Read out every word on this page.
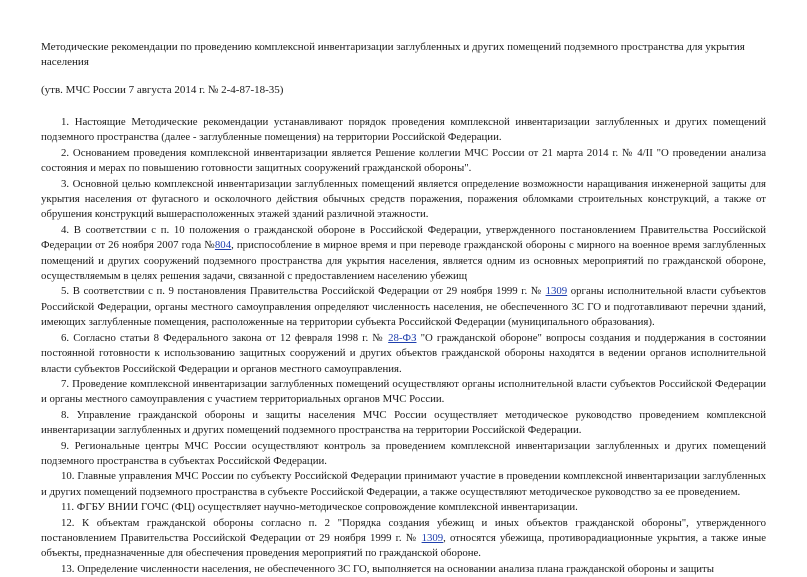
Методические рекомендации по проведению комплексной инвентаризации заглубленных и других помещений подземного пространства для укрытия населения

(утв. МЧС России 7 августа 2014 г. № 2-4-87-18-35)

1. Настоящие Методические рекомендации устанавливают порядок проведения комплексной инвентаризации заглубленных и других помещений подземного пространства (далее - заглубленные помещения) на территории Российской Федерации.

2. Основанием проведения комплексной инвентаризации является Решение коллегии МЧС России от 21 марта 2014 г. № 4/II "О проведении анализа состояния и мерах по повышению готовности защитных сооружений гражданской обороны".

3. Основной целью комплексной инвентаризации заглубленных помещений является определение возможности наращивания инженерной защиты для укрытия населения от фугасного и осколочного действия обычных средств поражения, поражения обломками строительных конструкций, а также от обрушения конструкций вышерасположенных этажей зданий различной этажности.

4. В соответствии с п. 10 положения о гражданской обороне в Российской Федерации, утвержденного постановлением Правительства Российской Федерации от 26 ноября 2007 года №804, приспособление в мирное время и при переводе гражданской обороны с мирного на военное время заглубленных помещений и других сооружений подземного пространства для укрытия населения, является одним из основных мероприятий по гражданской обороне, осуществляемым в целях решения задачи, связанной с предоставлением населению убежищ

5. В соответствии с п. 9 постановления Правительства Российской Федерации от 29 ноября 1999 г. № 1309 органы исполнительной власти субъектов Российской Федерации, органы местного самоуправления определяют численность населения, не обеспеченного ЗС ГО и подготавливают перечни зданий, имеющих заглубленные помещения, расположенные на территории субъекта Российской Федерации (муниципального образования).

6. Согласно статьи 8 Федерального закона от 12 февраля 1998 г. № 28-ФЗ "О гражданской обороне" вопросы создания и поддержания в состоянии постоянной готовности к использованию защитных сооружений и других объектов гражданской обороны находятся в ведении органов исполнительной власти субъектов Российской Федерации и органов местного самоуправления.

7. Проведение комплексной инвентаризации заглубленных помещений осуществляют органы исполнительной власти субъектов Российской Федерации и органы местного самоуправления с участием территориальных органов МЧС России.

8. Управление гражданской обороны и защиты населения МЧС России осуществляет методическое руководство проведением комплексной инвентаризации заглубленных и других помещений подземного пространства на территории Российской Федерации.

9. Региональные центры МЧС России осуществляют контроль за проведением комплексной инвентаризации заглубленных и других помещений подземного пространства в субъектах Российской Федерации.

10. Главные управления МЧС России по субъекту Российской Федерации принимают участие в проведении комплексной инвентаризации заглубленных и других помещений подземного пространства в субъекте Российской Федерации, а также осуществляют методическое руководство за ее проведением.

11. ФГБУ ВНИИ ГОЧС (ФЦ) осуществляет научно-методическое сопровождение комплексной инвентаризации.

12. К объектам гражданской обороны согласно п. 2 "Порядка создания убежищ и иных объектов гражданской обороны", утвержденного постановлением Правительства Российской Федерации от 29 ноября 1999 г. № 1309, относятся убежища, противорадиационные укрытия, а также иные объекты, предназначенные для обеспечения проведения мероприятий по гражданской обороне.

13. Определение численности населения, не обеспеченного ЗС ГО, выполняется на основании анализа плана гражданской обороны и защиты
